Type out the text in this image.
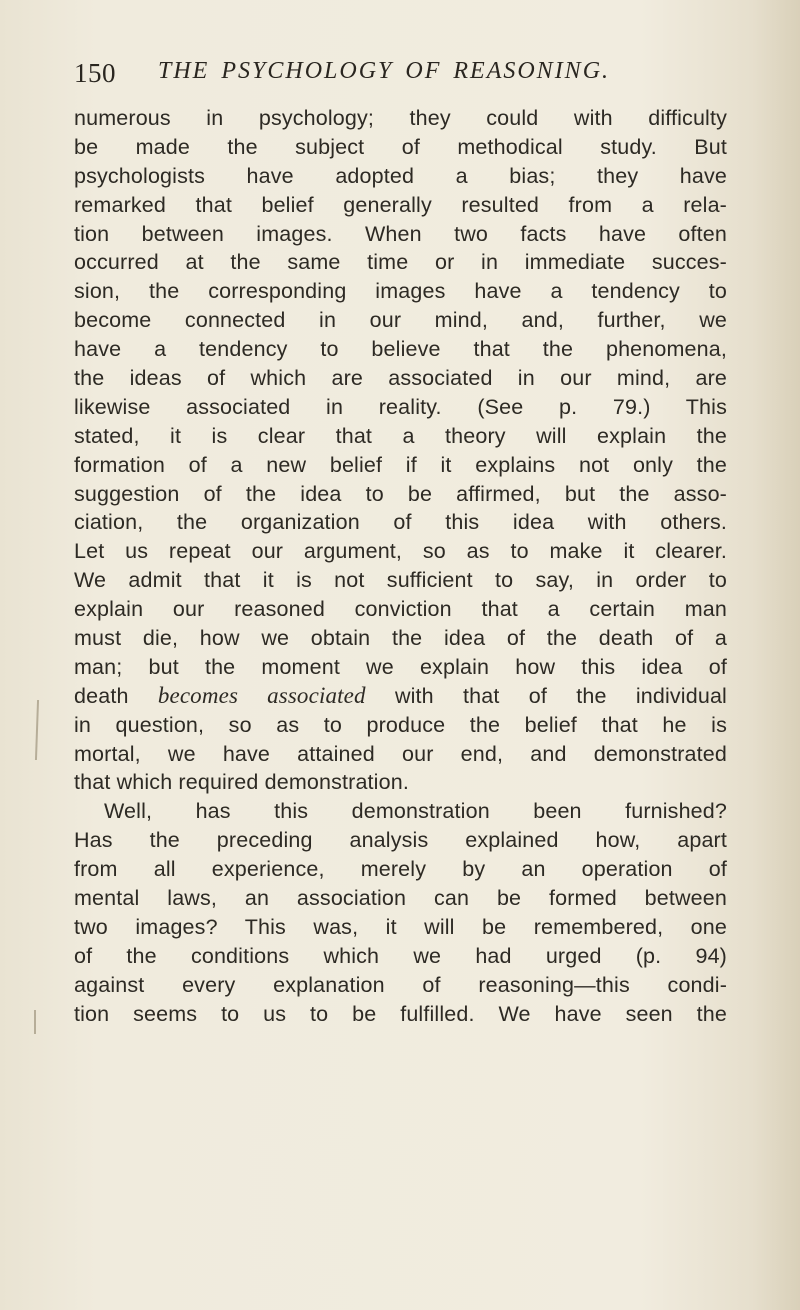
150 THE PSYCHOLOGY OF REASONING.
numerous in psychology; they could with difficulty
be made the subject of methodical study. But
psychologists have adopted a bias; they have
remarked that belief generally resulted from a rela-
tion between images. When two facts have often
occurred at the same time or in immediate succes-
sion, the corresponding images have a tendency to
become connected in our mind, and, further, we
have a tendency to believe that the phenomena,
the ideas of which are associated in our mind, are
likewise associated in reality. (See p. 79.) This
stated, it is clear that a theory will explain the
formation of a new belief if it explains not only the
suggestion of the idea to be affirmed, but the asso-
ciation, the organization of this idea with others.
Let us repeat our argument, so as to make it clearer.
We admit that it is not sufficient to say, in order to
explain our reasoned conviction that a certain man
must die, how we obtain the idea of the death of a
man; but the moment we explain how this idea of
death becomes associated with that of the individual
in question, so as to produce the belief that he is
mortal, we have attained our end, and demonstrated
that which required demonstration.
Well, has this demonstration been furnished?
Has the preceding analysis explained how, apart
from all experience, merely by an operation of
mental laws, an association can be formed between
two images? This was, it will be remembered, one
of the conditions which we had urged (p. 94)
against every explanation of reasoning—this condi-
tion seems to us to be fulfilled. We have seen the
